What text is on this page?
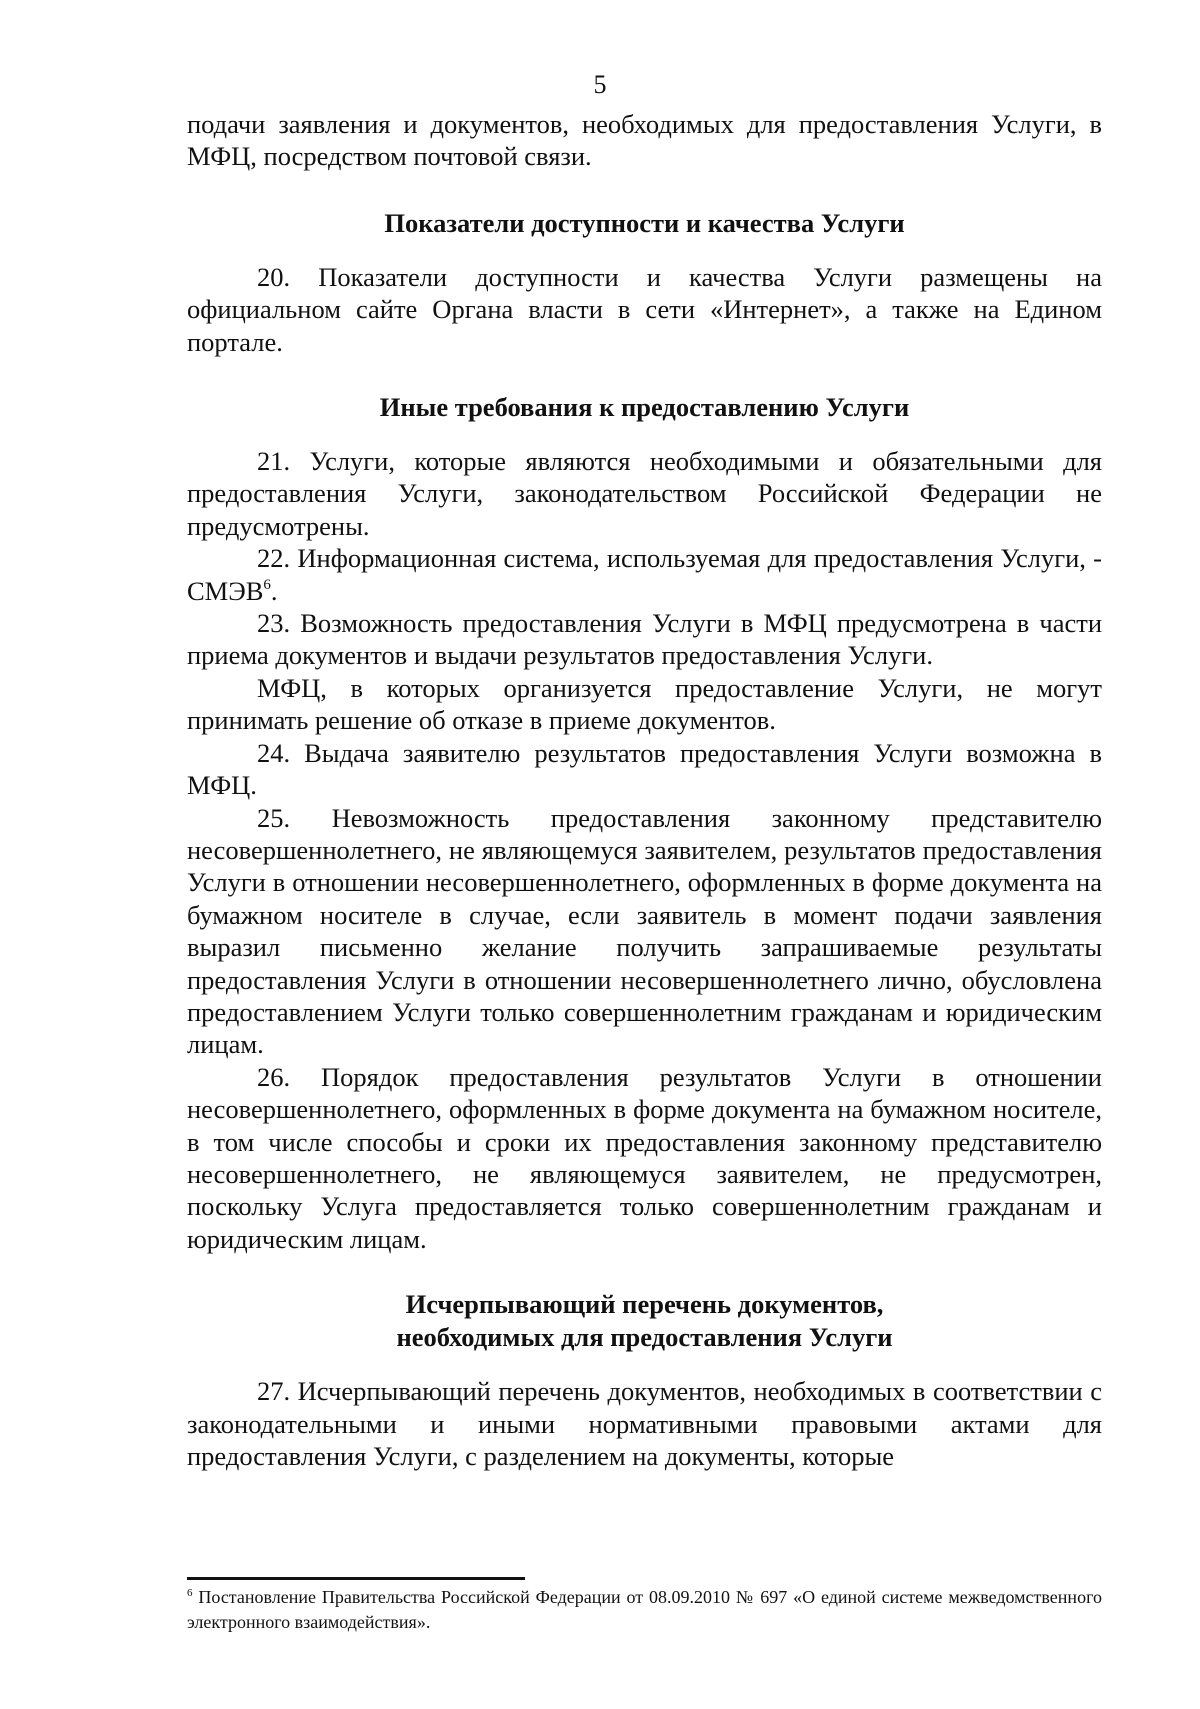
5

подачи заявления и документов, необходимых для предоставления Услуги, в МФЦ, посредством почтовой связи.

Показатели доступности и качества Услуги

20. Показатели доступности и качества Услуги размещены на официальном сайте Органа власти в сети «Интернет», а также на Едином портале.

Иные требования к предоставлению Услуги

21. Услуги, которые являются необходимыми и обязательными для предоставления Услуги, законодательством Российской Федерации не предусмотрены.

22. Информационная система, используемая для предоставления Услуги, - СМЭВ$^6$.

23. Возможность предоставления Услуги в МФЦ предусмотрена в части приема документов и выдачи результатов предоставления Услуги.

МФЦ, в которых организуется предоставление Услуги, не могут принимать решение об отказе в приеме документов.

24. Выдача заявителю результатов предоставления Услуги возможна в МФЦ.

25. Невозможность предоставления законному представителю несовершеннолетнего, не являющемуся заявителем, результатов предоставления Услуги в отношении несовершеннолетнего, оформленных в форме документа на бумажном носителе в случае, если заявитель в момент подачи заявления выразил письменно желание получить запрашиваемые результаты предоставления Услуги в отношении несовершеннолетнего лично, обусловлена предоставлением Услуги только совершеннолетним гражданам и юридическим лицам.

26. Порядок предоставления результатов Услуги в отношении несовершеннолетнего, оформленных в форме документа на бумажном носителе, в том числе способы и сроки их предоставления законному представителю несовершеннолетнего, не являющемуся заявителем, не предусмотрен, поскольку Услуга предоставляется только совершеннолетним гражданам и юридическим лицам.

Исчерпывающий перечень документов,
необходимых для предоставления Услуги

27. Исчерпывающий перечень документов, необходимых в соответствии с законодательными и иными нормативными правовыми актами для предоставления Услуги, с разделением на документы, которые

$^6$ Постановление Правительства Российской Федерации от 08.09.2010 № 697 «О единой системе межведомственного электронного взаимодействия».
